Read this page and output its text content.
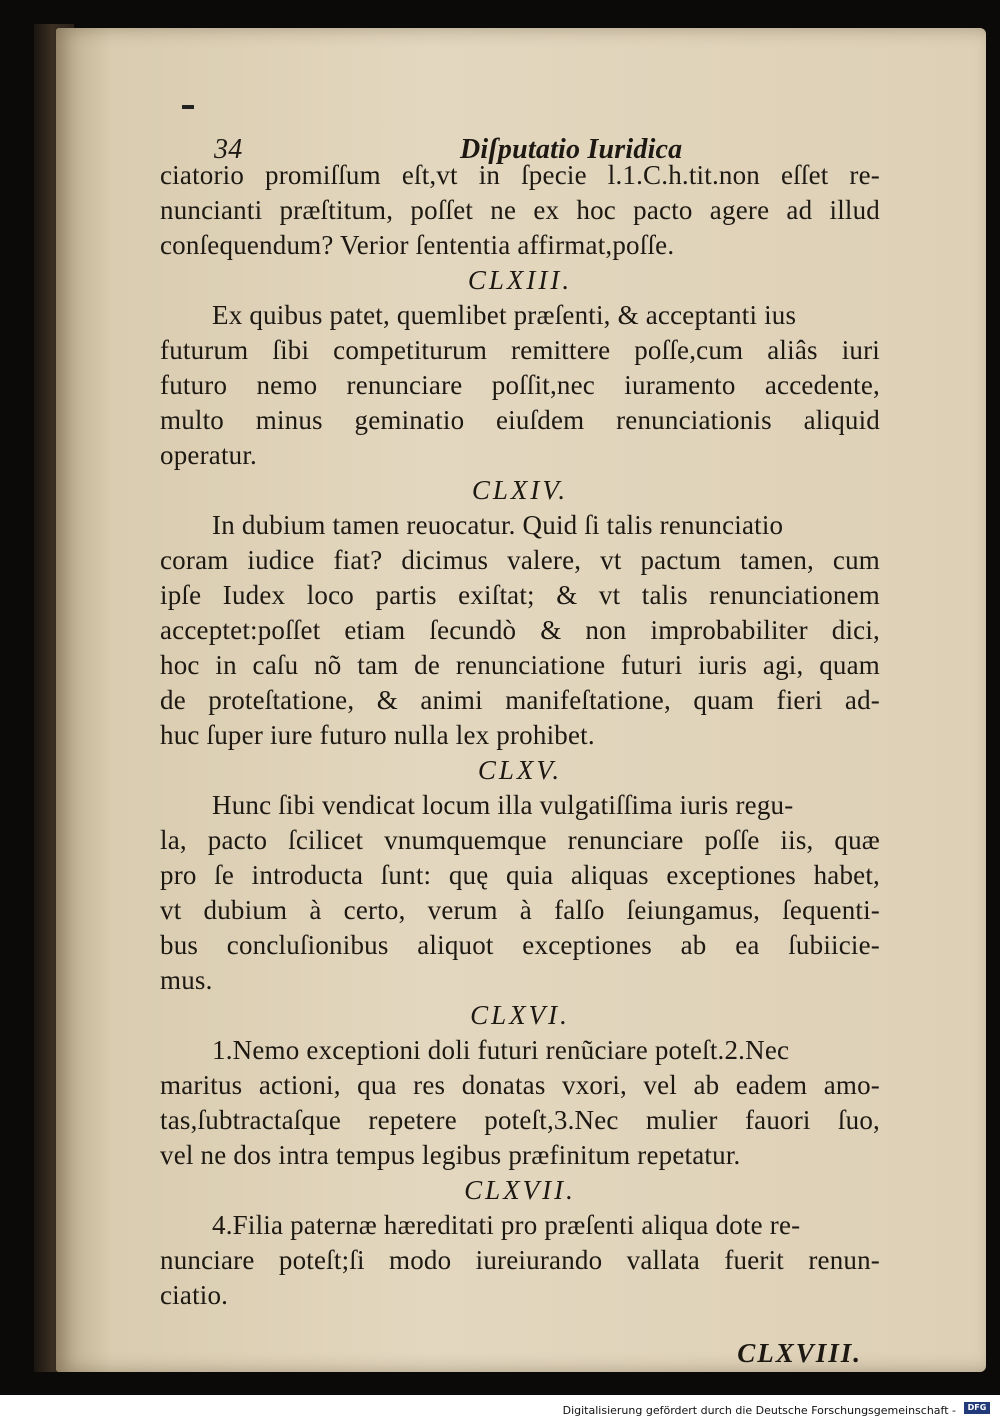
34	Diſputatio Iuridica
ciatorio promiſſum eſt,vt in ſpecie l.1.C.h.tit.non eſſet re-
nuncianti præſtitum, poſſet ne ex hoc pacto agere ad illud
conſequendum? Verior ſententia affirmat,poſſe.
CLXIII.
Ex quibus patet, quemlibet præſenti, & acceptanti ius
futurum ſibi competiturum remittere poſſe,cum aliâs iuri
futuro nemo renunciare poſſit,nec iuramento accedente,
multo minus geminatio eiuſdem renunciationis aliquid
operatur.
CLXIV.
In dubium tamen reuocatur. Quid ſi talis renunciatio
coram iudice fiat? dicimus valere, vt pactum tamen, cum
ipſe Iudex loco partis exiſtat; & vt talis renunciationem
acceptet:poſſet etiam ſecundò & non improbabiliter dici,
hoc in caſu nõ tam de renunciatione futuri iuris agi, quam
de proteſtatione, & animi manifeſtatione, quam fieri ad-
huc ſuper iure futuro nulla lex prohibet.
CLXV.
Hunc ſibi vendicat locum illa vulgatiſſima iuris regu-
la, pacto ſcilicet vnumquemque renunciare poſſe iis, quæ
pro ſe introducta ſunt: quę quia aliquas exceptiones habet,
vt dubium à certo, verum à falſo ſeiungamus, ſequenti-
bus concluſionibus aliquot exceptiones ab ea ſubiicie-
mus.
CLXVI.
1.Nemo exceptioni doli futuri renũciare poteſt.2.Nec
maritus actioni, qua res donatas vxori, vel ab eadem amo-
tas,ſubtractaſque repetere poteſt,3.Nec mulier fauori ſuo,
vel ne dos intra tempus legibus præfinitum repetatur.
CLXVII.
4.Filia paternæ hæreditati pro præſenti aliqua dote re-
nunciare poteſt;ſi modo iureiurando vallata fuerit renun-
ciatio.
CLXVIII.
Digitalisierung gefördert durch die Deutsche Forschungsgemeinschaft -	DFG
